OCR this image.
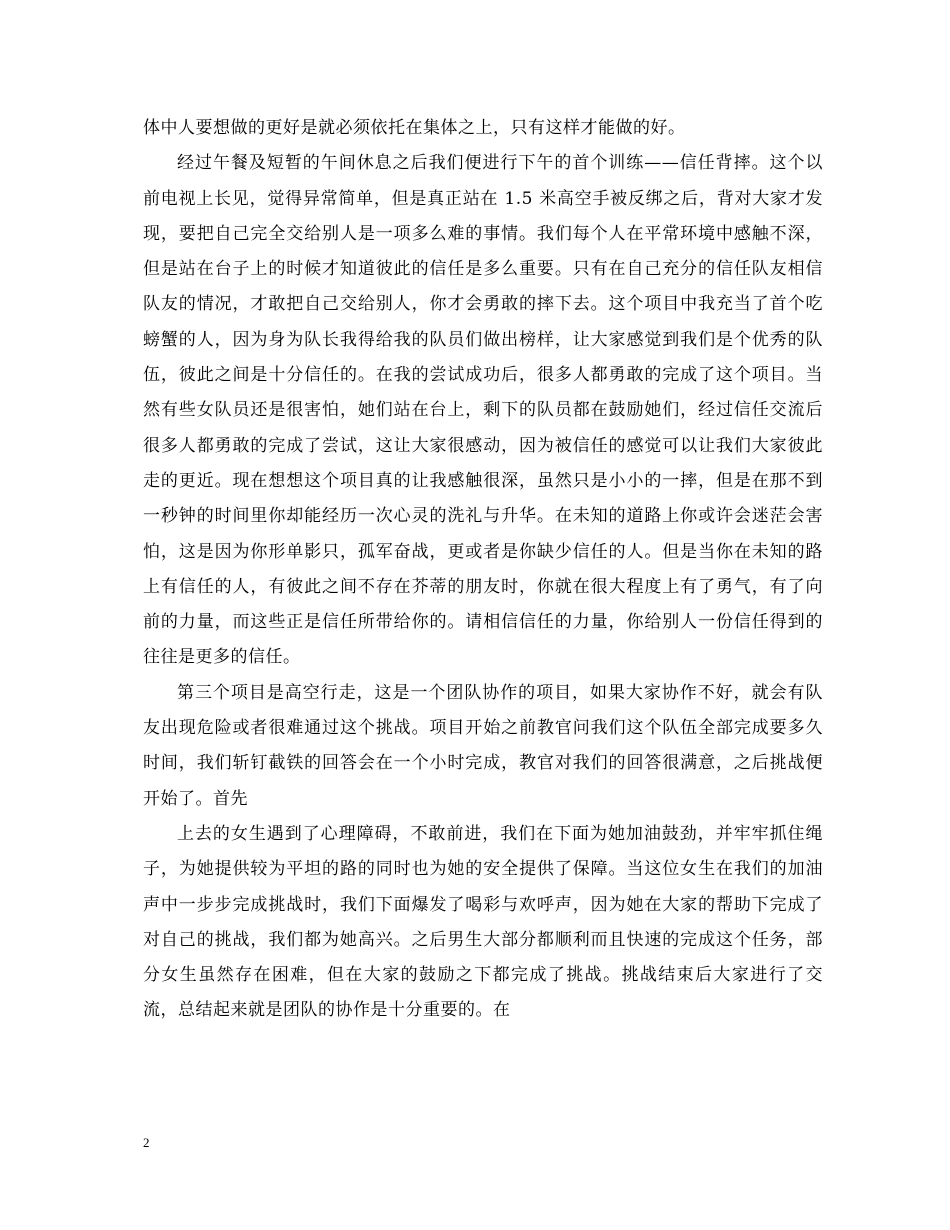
体中人要想做的更好是就必须依托在集体之上，只有这样才能做的好。

经过午餐及短暂的午间休息之后我们便进行下午的首个训练——信任背摔。这个以前电视上长见，觉得异常简单，但是真正站在 1.5 米高空手被反绑之后，背对大家才发现，要把自己完全交给别人是一项多么难的事情。我们每个人在平常环境中感触不深，但是站在台子上的时候才知道彼此的信任是多么重要。只有在自己充分的信任队友相信队友的情况，才敢把自己交给别人，你才会勇敢的摔下去。这个项目中我充当了首个吃螃蟹的人，因为身为队长我得给我的队员们做出榜样，让大家感觉到我们是个优秀的队伍，彼此之间是十分信任的。在我的尝试成功后，很多人都勇敢的完成了这个项目。当然有些女队员还是很害怕，她们站在台上，剩下的队员都在鼓励她们，经过信任交流后很多人都勇敢的完成了尝试，这让大家很感动，因为被信任的感觉可以让我们大家彼此走的更近。现在想想这个项目真的让我感触很深，虽然只是小小的一摔，但是在那不到一秒钟的时间里你却能经历一次心灵的洗礼与升华。在未知的道路上你或许会迷茫会害怕，这是因为你形单影只，孤军奋战，更或者是你缺少信任的人。但是当你在未知的路上有信任的人，有彼此之间不存在芥蒂的朋友时，你就在很大程度上有了勇气，有了向前的力量，而这些正是信任所带给你的。请相信信任的力量，你给别人一份信任得到的往往是更多的信任。

第三个项目是高空行走，这是一个团队协作的项目，如果大家协作不好，就会有队友出现危险或者很难通过这个挑战。项目开始之前教官问我们这个队伍全部完成要多久时间，我们斩钉截铁的回答会在一个小时完成，教官对我们的回答很满意，之后挑战便开始了。首先

上去的女生遇到了心理障碍，不敢前进，我们在下面为她加油鼓劲，并牢牢抓住绳子，为她提供较为平坦的路的同时也为她的安全提供了保障。当这位女生在我们的加油声中一步步完成挑战时，我们下面爆发了喝彩与欢呼声，因为她在大家的帮助下完成了对自己的挑战，我们都为她高兴。之后男生大部分都顺利而且快速的完成这个任务，部分女生虽然存在困难，但在大家的鼓励之下都完成了挑战。挑战结束后大家进行了交流，总结起来就是团队的协作是十分重要的。在

2
